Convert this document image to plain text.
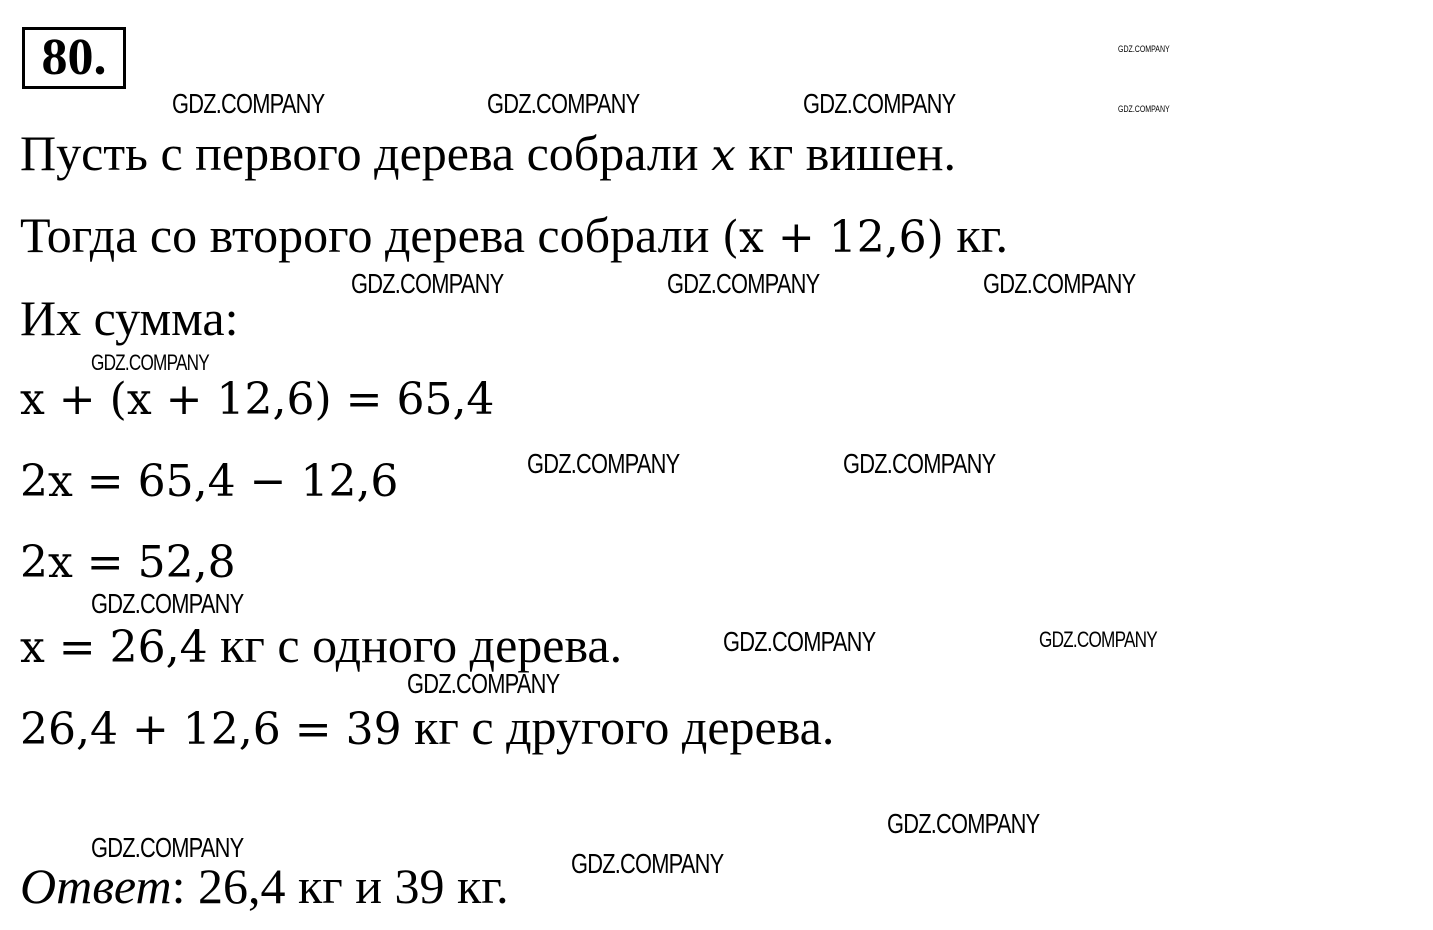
80.
Пусть с первого дерева собрали x кг вишен.
Тогда со второго дерева собрали (x + 12,6) кг.
Их сумма:
x + (x + 12,6) = 65,4
2x = 65,4 − 12,6
2x = 52,8
x = 26,4 кг с одного дерева.
26,4 + 12,6 = 39 кг с другого дерева.
Ответ: 26,4 кг и 39 кг.
GDZ.COMPANY
GDZ.COMPANY
GDZ.COMPANY	GDZ.COMPANY	GDZ.COMPANY
GDZ.COMPANY	GDZ.COMPANY	GDZ.COMPANY
GDZ.COMPANY
GDZ.COMPANY	GDZ.COMPANY
GDZ.COMPANY
GDZ.COMPANY	GDZ.COMPANY
GDZ.COMPANY
GDZ.COMPANY
GDZ.COMPANY
GDZ.COMPANY
